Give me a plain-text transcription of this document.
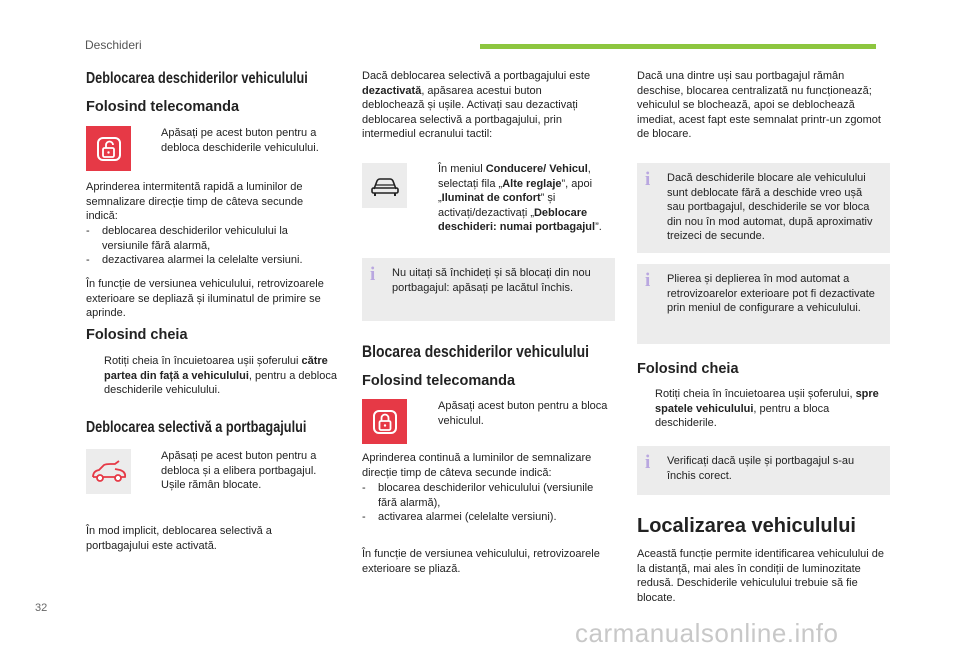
Deschideri
32
carmanualsonline.info
Deblocarea deschiderilor vehiculului
Folosind telecomanda
Apăsați pe acest buton pentru a debloca deschiderile vehiculului.
Aprinderea intermitentă rapidă a luminilor de semnalizare direcție timp de câteva secunde indică:
-	deblocarea deschiderilor vehiculului la versiunile fără alarmă,
-	dezactivarea alarmei la celelalte versiuni.
În funcție de versiunea vehiculului, retrovizoarele exterioare se depliază și iluminatul de primire se aprinde.
Folosind cheia
Rotiți cheia în încuietoarea ușii șoferului către partea din față a vehiculului, pentru a debloca deschiderile vehiculului.
Deblocarea selectivă a portbagajului
Apăsați pe acest buton pentru a debloca și a elibera portbagajul. Ușile rămân blocate.
În mod implicit, deblocarea selectivă a portbagajului este activată.
Dacă deblocarea selectivă a portbagajului este dezactivată, apăsarea acestui buton deblochează și ușile. Activați sau dezactivați deblocarea selectivă a portbagajului, prin intermediul ecranului tactil:
În meniul Conducere/ Vehicul, selectați fila „Alte reglaje”, apoi „Iluminat de confort” și activați/dezactivați „Deblocare deschideri: numai portbagajul”.
i Nu uitați să închideți și să blocați din nou portbagajul: apăsați pe lacătul închis.
Blocarea deschiderilor vehiculului
Folosind telecomanda
Apăsați acest buton pentru a bloca vehiculul.
Aprinderea continuă a luminilor de semnalizare direcție timp de câteva secunde indică:
-	blocarea deschiderilor vehiculului (versiunile fără alarmă),
-	activarea alarmei (celelalte versiuni).
În funcție de versiunea vehiculului, retrovizoarele exterioare se pliază.
Dacă una dintre uși sau portbagajul rămân deschise, blocarea centralizată nu funcționează; vehiculul se blochează, apoi se deblochează imediat, acest fapt este semnalat printr-un zgomot de blocare.
i Dacă deschiderile blocare ale vehiculului sunt deblocate fără a deschide vreo ușă sau portbagajul, deschiderile se vor bloca din nou în mod automat, după aproximativ treizeci de secunde.
i Plierea și deplierea în mod automat a retrovizoarelor exterioare pot fi dezactivate prin meniul de configurare a vehiculului.
Folosind cheia
Rotiți cheia în încuietoarea ușii șoferului, spre spatele vehiculului, pentru a bloca deschiderile.
i Verificați dacă ușile și portbagajul s-au închis corect.
Localizarea vehiculului
Această funcție permite identificarea vehiculului de la distanță, mai ales în condiții de luminozitate redusă. Deschiderile vehiculului trebuie să fie blocate.
